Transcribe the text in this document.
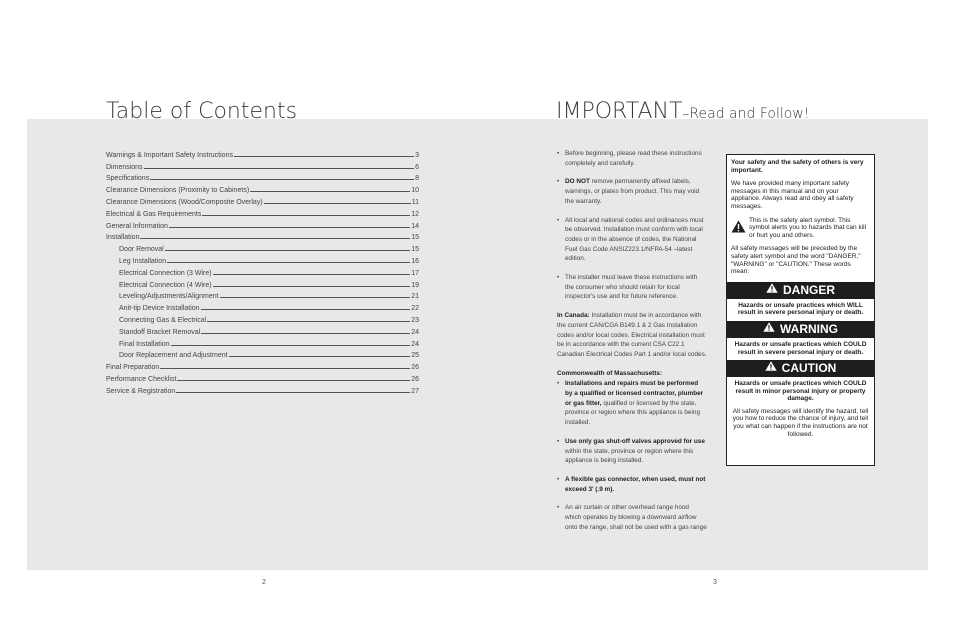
Table of Contents	IMPORTANT–Read and Follow!
Warnings & Important Safety Instructions	3
Dimensions	6
Specifications	8
Clearance Dimensions (Proximity to Cabinets)	10
Clearance Dimensions (Wood/Composite Overlay)	11
Electrical & Gas Requirements	12
General Information	14
Installation	15
Door Removal	15
Leg Installation	16
Electrical Connection (3 Wire)	17
Electrical Connection (4 Wire)	19
Leveling/Adjustments/Alignment	21
Anit-tip Device Installation	22
Connecting Gas & Electrical	23
Standoff Bracket Removal	24
Final Installation	24
Door Replacement and Adjustment	25
Final Preparation	26
Performance Checklist	26
Service & Registration	27
• Before beginning, please read these instructions completely and carefully.
• DO NOT remove permanently affixed labels, warnings, or plates from product. This may void the warranty.
• All local and national codes and ordinances must be observed. Installation must conform with local codes or in the absence of codes, the National Fuel Gas Code ANSIZ223.1/NFPA-54 –latest edition.
• The installer must leave these instructions with the consumer who should retain for local inspector's use and for future reference.
In Canada: Installation must be in accordance with the current CAN/CGA B149.1 & 2 Gas Installation codes and/or local codes. Electrical installation must be in accordance with the current CSA C22.1 Canadian Electrical Codes Part 1 and/or local codes.
Commonwealth of Massachusetts:
• Installations and repairs must be performed by a qualified or licensed contractor, plumber or gas fitter, qualified or licensed by the state, province or region where this appliance is being installed.
• Use only gas shut-off valves approved for use within the state, province or region where this appliance is being installed.
• A flexible gas connector, when used, must not exceed 3' (.9 m).
• An air curtain or other overhead range hood which operates by blowing a downward airflow onto the range, shall not be used with a gas range

Your safety and the safety of others is very important.

We have provided many important safety messages in this manual and on your appliance. Always read and obey all safety messages.

This is the safety alert symbol. This symbol alerts you to hazards that can kill or hurt you and others.

All safety messages will be preceded by the safety alert symbol and the word "DANGER," "WARNING" or "CAUTION." These words mean:

DANGER
Hazards or unsafe practices which WILL result in severe personal injury or death.
WARNING
Hazards or unsafe practices which COULD result in severe personal injury or death.
CAUTION
Hazards or unsafe practices which COULD result in minor personal injury or property damage.
All safety messages will identify the hazard, tell you how to reduce the chance of injury, and tell you what can happen if the instructions are not followed.
2	3
